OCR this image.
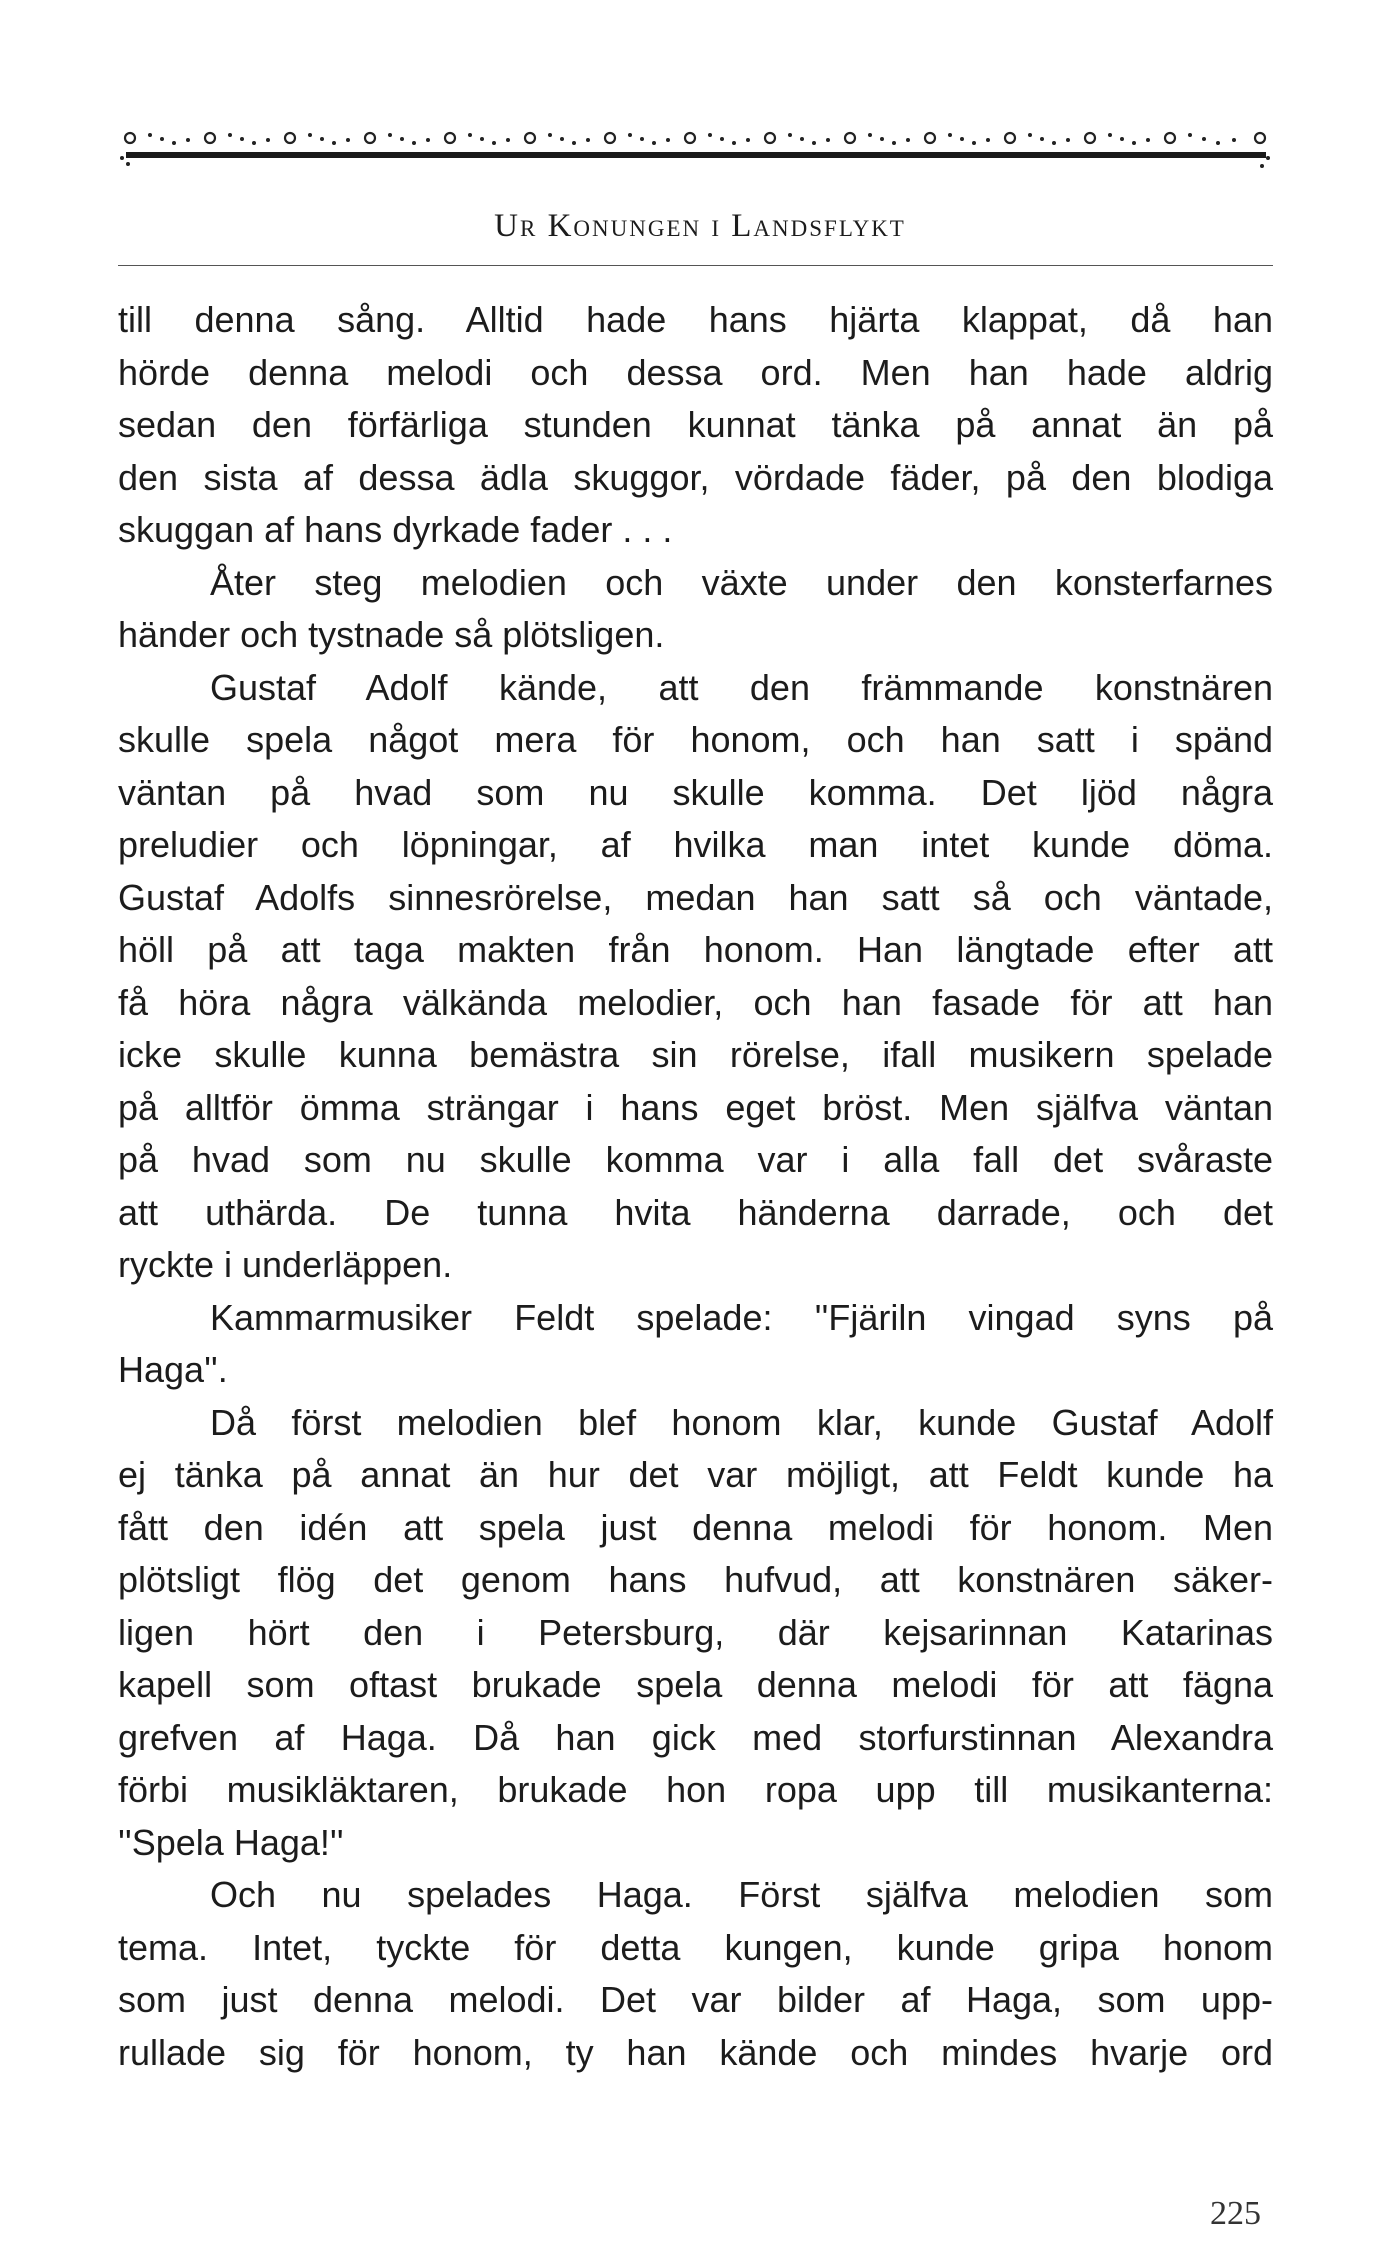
Ur Konungen i Landsflykt
till denna sång. Alltid hade hans hjärta klappat, då han
hörde denna melodi och dessa ord. Men han hade aldrig
sedan den förfärliga stunden kunnat tänka på annat än på
den sista af dessa ädla skuggor, vördade fäder, på den blodiga
skuggan af hans dyrkade fader . . .
Åter steg melodien och växte under den konsterfarnes
händer och tystnade så plötsligen.
Gustaf Adolf kände, att den främmande konstnären
skulle spela något mera för honom, och han satt i spänd
väntan på hvad som nu skulle komma. Det ljöd några
preludier och löpningar, af hvilka man intet kunde döma.
Gustaf Adolfs sinnesrörelse, medan han satt så och väntade,
höll på att taga makten från honom. Han längtade efter att
få höra några välkända melodier, och han fasade för att han
icke skulle kunna bemästra sin rörelse, ifall musikern spelade
på alltför ömma strängar i hans eget bröst. Men själfva väntan
på hvad som nu skulle komma var i alla fall det svåraste
att uthärda. De tunna hvita händerna darrade, och det
ryckte i underläppen.
Kammarmusiker Feldt spelade: ''Fjäriln vingad syns på
Haga''.
Då först melodien blef honom klar, kunde Gustaf Adolf
ej tänka på annat än hur det var möjligt, att Feldt kunde ha
fått den idén att spela just denna melodi för honom. Men
plötsligt flög det genom hans hufvud, att konstnären säker-
ligen hört den i Petersburg, där kejsarinnan Katarinas
kapell som oftast brukade spela denna melodi för att fägna
grefven af Haga. Då han gick med storfurstinnan Alexandra
förbi musikläktaren, brukade hon ropa upp till musikanterna:
''Spela Haga!''
Och nu spelades Haga. Först själfva melodien som
tema. Intet, tyckte för detta kungen, kunde gripa honom
som just denna melodi. Det var bilder af Haga, som upp-
rullade sig för honom, ty han kände och mindes hvarje ord
225
